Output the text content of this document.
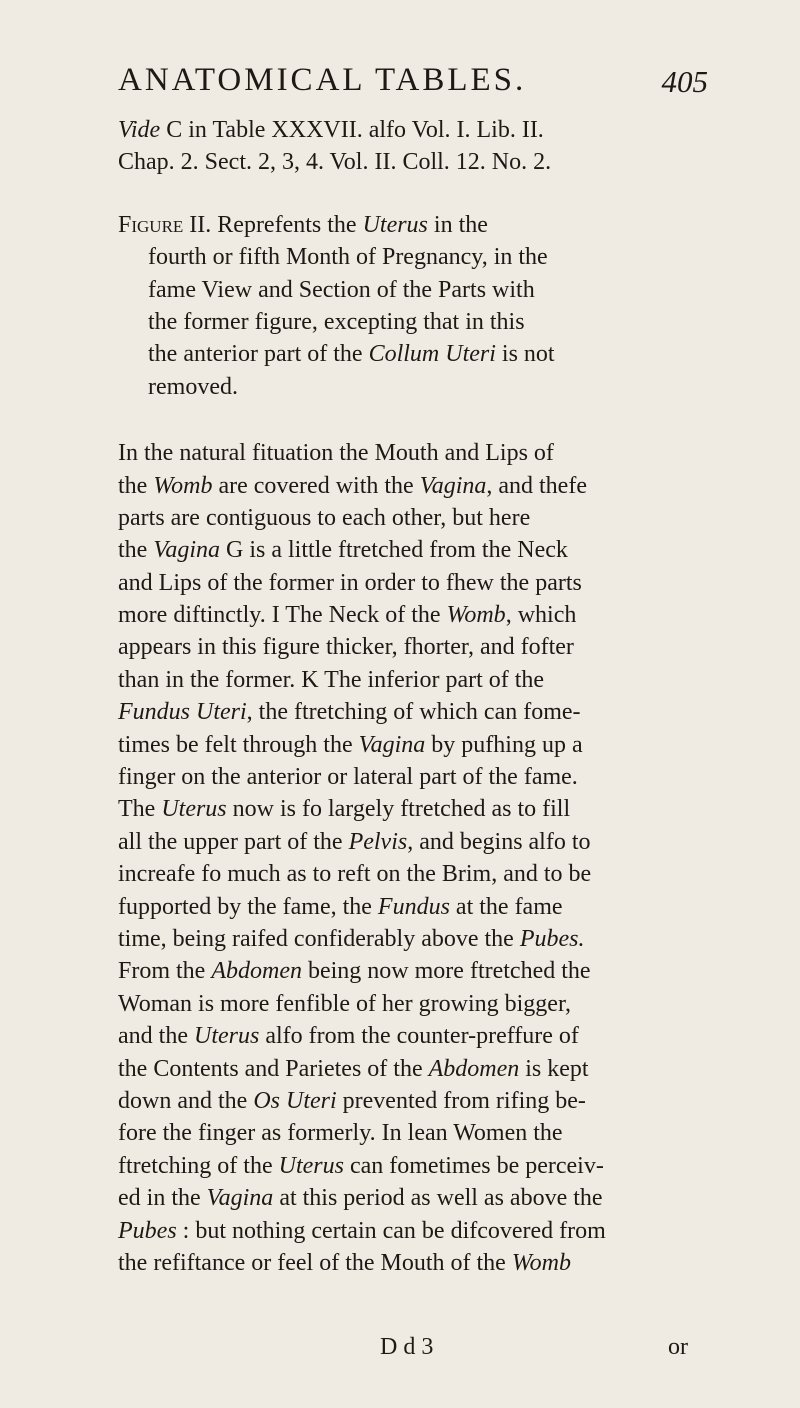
ANATOMICAL TABLES.	405
Vide C in Table XXXVII. alfo Vol. I. Lib. II.
Chap. 2. Sect. 2, 3, 4. Vol. II. Coll. 12. No. 2.
Figure II. Reprefents the Uterus in the
fourth or fifth Month of Pregnancy, in the
fame View and Section of the Parts with
the former figure, excepting that in this
the anterior part of the Collum Uteri is not
removed.
In the natural fituation the Mouth and Lips of
the Womb are covered with the Vagina, and thefe
parts are contiguous to each other, but here
the Vagina G is a little ftretched from the Neck
and Lips of the former in order to fhew the parts
more diftinctly. I The Neck of the Womb, which
appears in this figure thicker, fhorter, and fofter
than in the former. K The inferior part of the
Fundus Uteri, the ftretching of which can fome-
times be felt through the Vagina by pufhing up a
finger on the anterior or lateral part of the fame.
The Uterus now is fo largely ftretched as to fill
all the upper part of the Pelvis, and begins alfo to
increafe fo much as to reft on the Brim, and to be
fupported by the fame, the Fundus at the fame
time, being raifed confiderably above the Pubes.
From the Abdomen being now more ftretched the
Woman is more fenfible of her growing bigger,
and the Uterus alfo from the counter-preffure of
the Contents and Parietes of the Abdomen is kept
down and the Os Uteri prevented from rifing be-
fore the finger as formerly. In lean Women the
ftretching of the Uterus can fometimes be perceiv-
ed in the Vagina at this period as well as above the
Pubes : but nothing certain can be difcovered from
the refiftance or feel of the Mouth of the Womb
D d 3	or
